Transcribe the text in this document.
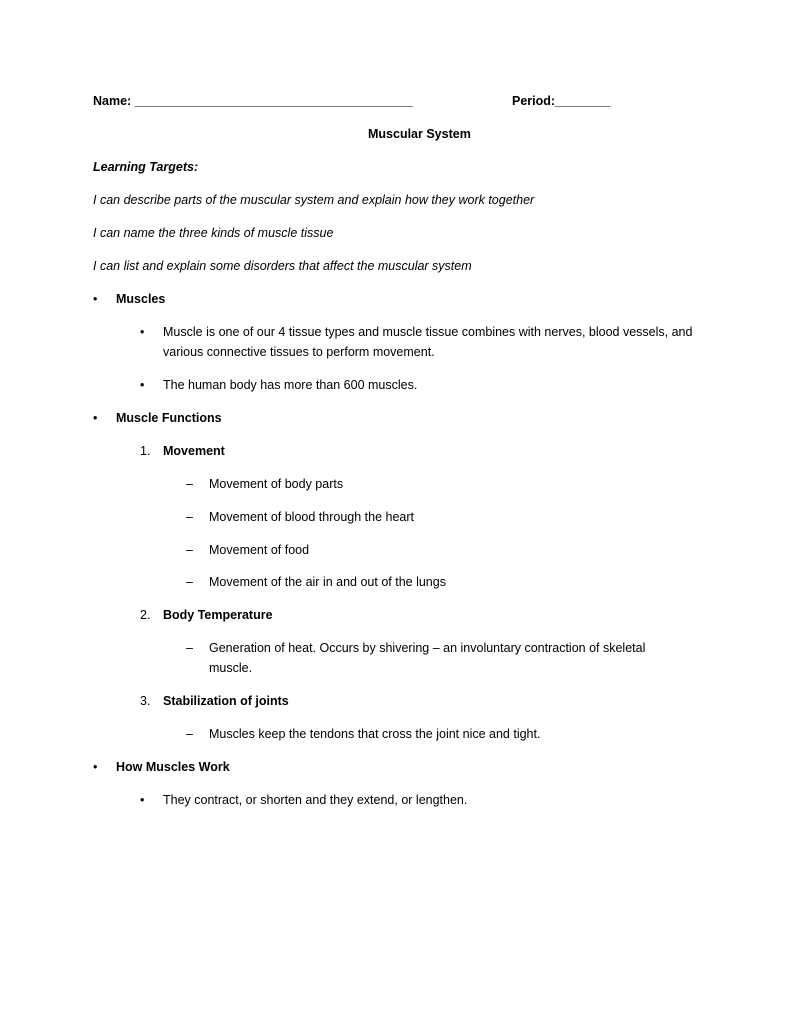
Name: ________________________________________	Period:________
Muscular System
Learning Targets:
I can describe parts of the muscular system and explain how they work together
I can name the three kinds of muscle tissue
I can list and explain some disorders that affect the muscular system
• Muscles
• Muscle is one of our 4 tissue types and muscle tissue combines with nerves, blood vessels, and various connective tissues to perform movement.
• The human body has more than 600 muscles.
• Muscle Functions
1. Movement
– Movement of body parts
– Movement of blood through the heart
– Movement of food
– Movement of the air in and out of the lungs
2. Body Temperature
– Generation of heat. Occurs by shivering – an involuntary contraction of skeletal muscle.
3. Stabilization of joints
– Muscles keep the tendons that cross the joint nice and tight.
• How Muscles Work
• They contract, or shorten and they extend, or lengthen.
